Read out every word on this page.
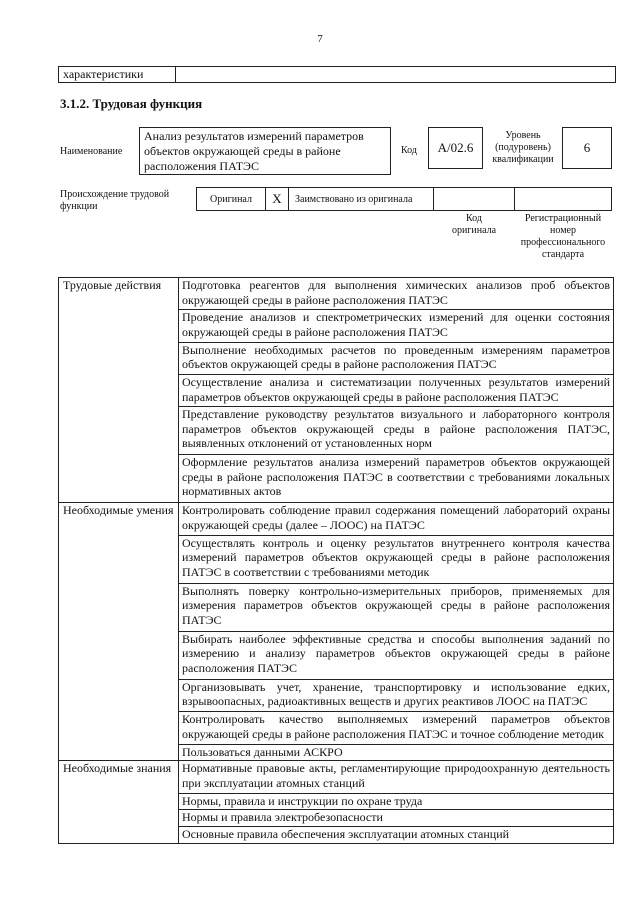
7
характеристики
3.1.2. Трудовая функция
Наименование
Анализ результатов измерений параметров объектов окружающей среды в районе расположения ПАТЭС
Код	A/02.6
Уровень
(подуровень)
квалификации
6
Происхождение трудовой
функции
Оригинал X Заимствовано из оригинала
Код
оригинала
Регистрационный
номер
профессионального
стандарта
Трудовые действия	Подготовка реагентов для выполнения химических анализов проб объектов окружающей среды в районе расположения ПАТЭС
	Проведение анализов и спектрометрических измерений для оценки состояния окружающей среды в районе расположения ПАТЭС
	Выполнение необходимых расчетов по проведенным измерениям параметров объектов окружающей среды в районе расположения ПАТЭС
	Осуществление анализа и систематизации полученных результатов измерений параметров объектов окружающей среды в районе расположения ПАТЭС
	Представление руководству результатов визуального и лабораторного контроля параметров объектов окружающей среды в районе расположения ПАТЭС, выявленных отклонений от установленных норм
	Оформление результатов анализа измерений параметров объектов окружающей среды в районе расположения ПАТЭС в соответствии с требованиями локальных нормативных актов
Необходимые умения	Контролировать соблюдение правил содержания помещений лабораторий охраны окружающей среды (далее – ЛООС) на ПАТЭС
	Осуществлять контроль и оценку результатов внутреннего контроля качества измерений параметров объектов окружающей среды в районе расположения ПАТЭС в соответствии с требованиями методик
	Выполнять поверку контрольно-измерительных приборов, применяемых для измерения параметров объектов окружающей среды в районе расположения ПАТЭС
	Выбирать наиболее эффективные средства и способы выполнения заданий по измерению и анализу параметров объектов окружающей среды в районе расположения ПАТЭС
	Организовывать учет, хранение, транспортировку и использование едких, взрывоопасных, радиоактивных веществ и других реактивов ЛООС на ПАТЭС
	Контролировать качество выполняемых измерений параметров объектов окружающей среды в районе расположения ПАТЭС и точное соблюдение методик
	Пользоваться данными АСКРО
Необходимые знания	Нормативные правовые акты, регламентирующие природоохранную деятельность при эксплуатации атомных станций
	Нормы, правила и инструкции по охране труда
	Нормы и правила электробезопасности
	Основные правила обеспечения эксплуатации атомных станций
